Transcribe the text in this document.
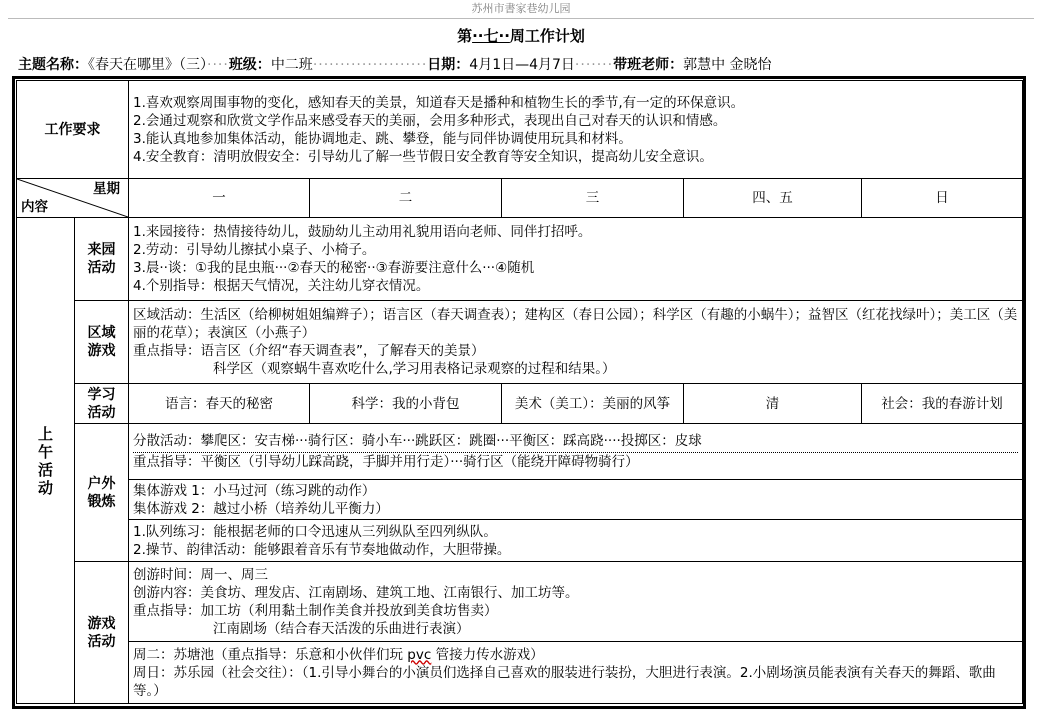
苏州市書家巷幼儿园
第··七··周工作计划
主题名称：《春天在哪里》（三）····班级：中二班·····················日期：4月1日—4月7日·······带班老师：郭慧中 金晓怡
工作要求		1.喜欢观察周围事物的变化，感知春天的美景，知道春天是播种和植物生长的季节,有一定的环保意识。
2.会通过观察和欣赏文学作品来感受春天的美丽，会用多种形式，表现出自己对春天的认识和情感。
3.能认真地参加集体活动，能协调地走、跳、攀登，能与同伴协调使用玩具和材料。
4.安全教育：清明放假安全：引导幼儿了解一些节假日安全教育等安全知识，提高幼儿安全意识。				

星期
内容		一	二	三	四、五	日

上
午
活
动	来园
活动	1.来园接待：热情接待幼儿，鼓励幼儿主动用礼貌用语向老师、同伴打招呼。
2.劳动：引导幼儿擦拭小桌子、小椅子。
3.晨··谈：①我的昆虫瓶···②春天的秘密··③春游要注意什么···④随机
4.个别指导：根据天气情况，关注幼儿穿衣情况。				

	区域
游戏	区域活动：生活区（给柳树姐姐编辫子）；语言区（春天调查表）；建构区（春日公园）；科学区（有趣的小蜗牛）；益智区（红花找绿叶）；美工区（美丽的花草）；表演区（小燕子）
重点指导：语言区（介绍“春天调查表”，了解春天的美景）
科学区（观察蜗牛喜欢吃什么,学习用表格记录观察的过程和结果。）				

	学习
活动	语言：春天的秘密	科学：我的小背包	美术（美工）：美丽的风筝	清	社会：我的春游计划

	户外
锻炼	分散活动：攀爬区：安吉梯···骑行区：骑小车···跳跃区：跳圈···平衡区：踩高跷····投掷区：皮球
重点指导：平衡区（引导幼儿踩高跷，手脚并用行走）···骑行区（能绕开障碍物骑行）				

		集体游戏 1：小马过河（练习跳的动作）
集体游戏 2：越过小桥（培养幼儿平衡力）				

		1.队列练习：能根据老师的口令迅速从三列纵队至四列纵队。
2.操节、韵律活动：能够跟着音乐有节奏地做动作，大胆带操。				

	游戏
活动	创游时间：周一、周三
创游内容：美食坊、理发店、江南剧场、建筑工地、江南银行、加工坊等。
重点指导：加工坊（利用黏土制作美食并投放到美食坊售卖）
江南剧场（结合春天活泼的乐曲进行表演）				

		周二：苏塘池（重点指导：乐意和小伙伴们玩 pvc 管接力传水游戏）
周日：苏乐园（社会交往）：（1.引导小舞台的小演员们选择自己喜欢的服装进行装扮，大胆进行表演。2.小剧场演员能表演有关春天的舞蹈、歌曲等。）				
